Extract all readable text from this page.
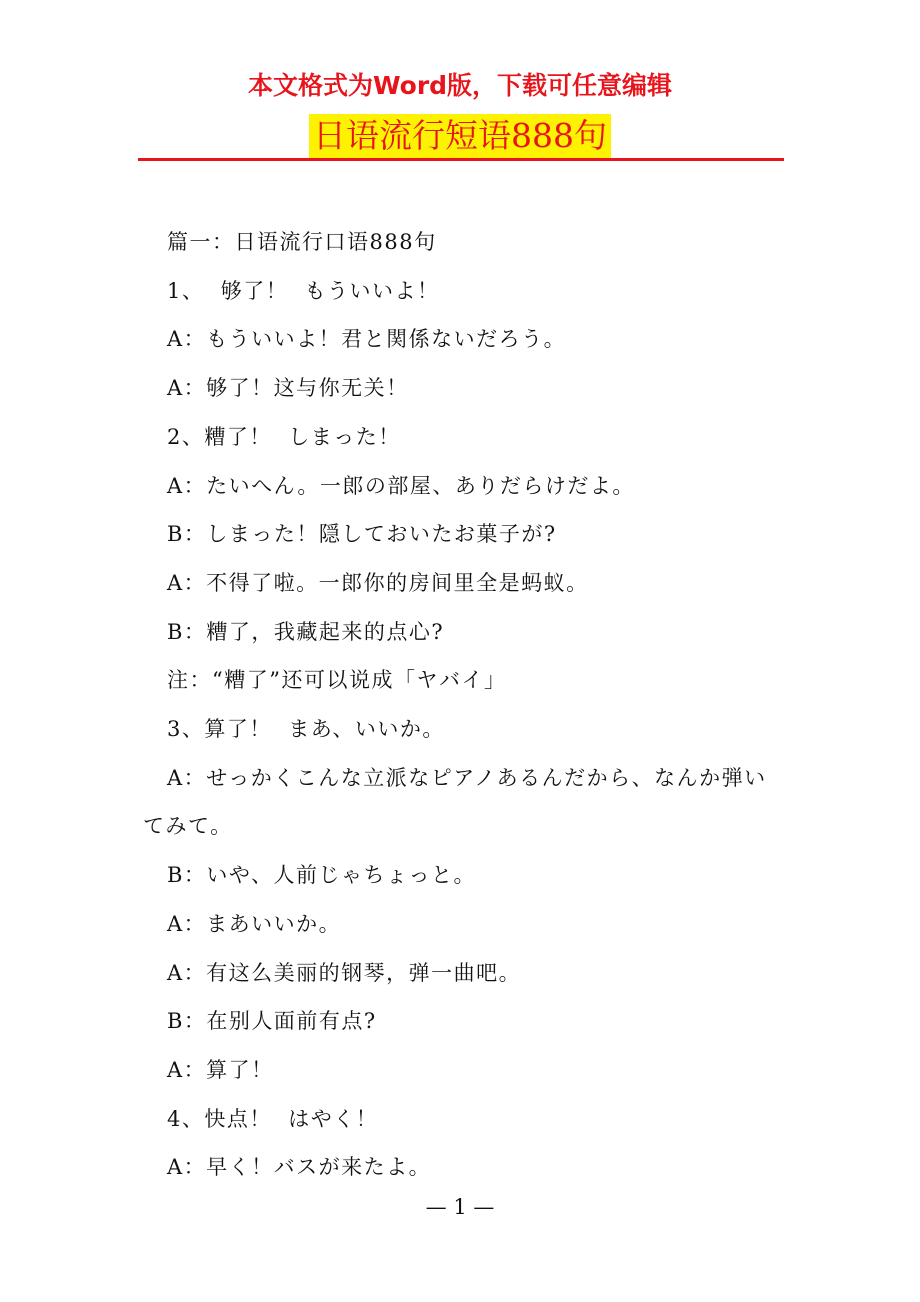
本文格式为Word版，下载可任意编辑
日语流行短语888句

篇一：日语流行口语888句

1、  够了！  もういいよ！

A：もういいよ！君と関係ないだろう。

A：够了！这与你无关！

2、糟了！  しまった！

A：たいへん。一郎の部屋、ありだらけだよ。

B：しまった！隠しておいたお菓子が?

A：不得了啦。一郎你的房间里全是蚂蚁。

B：糟了，我藏起来的点心?

注：“糟了”还可以说成「ヤバイ」

3、算了！  まあ、いいか。

A：せっかくこんな立派なピアノあるんだから、なんか弾いてみて。

B：いや、人前じゃちょっと。

A：まあいいか。

A：有这么美丽的钢琴，弹一曲吧。

B：在别人面前有点?

A：算了！

4、快点！  はやく！

A：早く！バスが来たよ。

— 1 —
